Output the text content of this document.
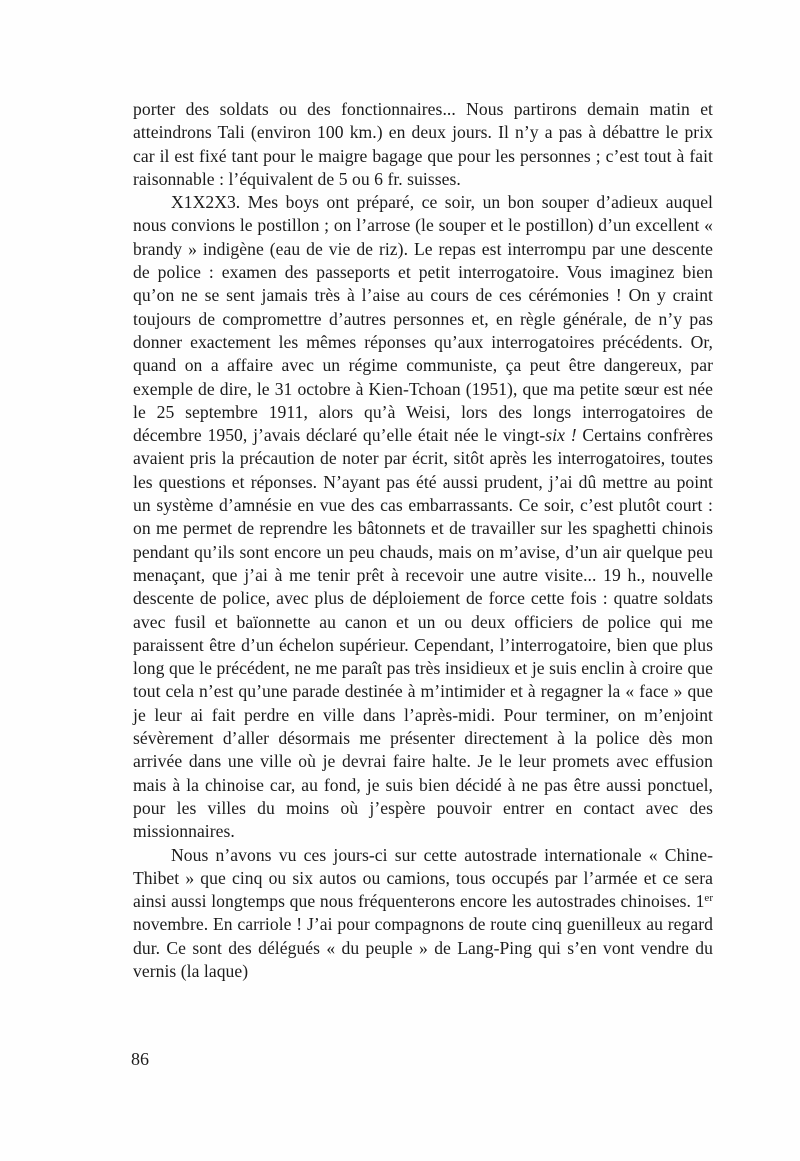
porter des soldats ou des fonctionnaires... Nous partirons demain matin et atteindrons Tali (environ 100 km.) en deux jours. Il n’y a pas à débattre le prix car il est fixé tant pour le maigre bagage que pour les personnes ; c’est tout à fait raisonnable : l’équivalent de 5 ou 6 fr. suisses.

X1X2X3. Mes boys ont préparé, ce soir, un bon souper d’adieux auquel nous convions le postillon ; on l’arrose (le souper et le postillon) d’un excellent « brandy » indigène (eau de vie de riz). Le repas est interrompu par une descente de police : examen des passeports et petit interrogatoire. Vous imaginez bien qu’on ne se sent jamais très à l’aise au cours de ces cérémonies ! On y craint toujours de compromettre d’autres personnes et, en règle générale, de n’y pas donner exactement les mêmes réponses qu’aux interrogatoires précédents. Or, quand on a affaire avec un régime communiste, ça peut être dangereux, par exemple de dire, le 31 octobre à Kien-Tchoan (1951), que ma petite sœur est née le 25 septembre 1911, alors qu’à Weisi, lors des longs interrogatoires de décembre 1950, j’avais déclaré qu’elle était née le vingt-six ! Certains confrères avaient pris la précaution de noter par écrit, sitôt après les interrogatoires, toutes les questions et réponses. N’ayant pas été aussi prudent, j’ai dû mettre au point un système d’amnésie en vue des cas embarrassants. Ce soir, c’est plutôt court : on me permet de reprendre les bâtonnets et de travailler sur les spaghetti chinois pendant qu’ils sont encore un peu chauds, mais on m’avise, d’un air quelque peu menaçant, que j’ai à me tenir prêt à recevoir une autre visite... 19 h., nouvelle descente de police, avec plus de déploiement de force cette fois : quatre soldats avec fusil et baïonnette au canon et un ou deux officiers de police qui me paraissent être d’un échelon supérieur. Cependant, l’interrogatoire, bien que plus long que le précédent, ne me paraît pas très insidieux et je suis enclin à croire que tout cela n’est qu’une parade destinée à m’intimider et à regagner la « face » que je leur ai fait perdre en ville dans l’après-midi. Pour terminer, on m’enjoint sévèrement d’aller désormais me présenter directement à la police dès mon arrivée dans une ville où je devrai faire halte. Je le leur promets avec effusion mais à la chinoise car, au fond, je suis bien décidé à ne pas être aussi ponctuel, pour les villes du moins où j’espère pouvoir entrer en contact avec des missionnaires.

Nous n’avons vu ces jours-ci sur cette autostrade internationale « Chine-Thibet » que cinq ou six autos ou camions, tous occupés par l’armée et ce sera ainsi aussi longtemps que nous fréquenterons encore les autostrades chinoises. 1er novembre. En carriole ! J’ai pour compagnons de route cinq guenilleux au regard dur. Ce sont des délégués « du peuple » de Lang-Ping qui s’en vont vendre du vernis (la laque)

86
